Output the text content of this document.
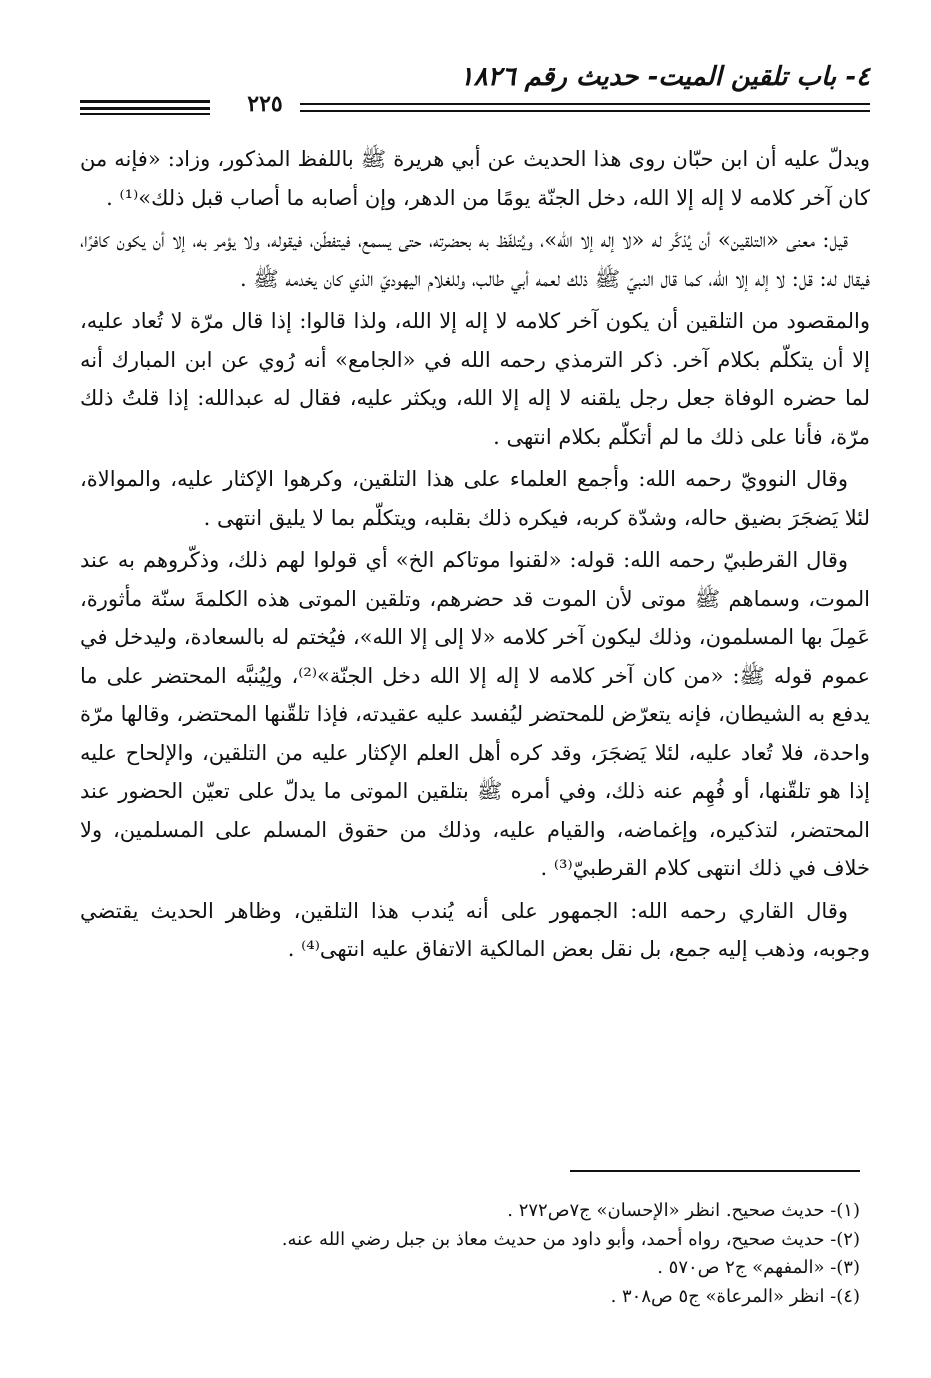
٤- باب تلقين الميت- حديث رقم ١٨٢٦
٢٢٥

ويدلّ عليه أن ابن حبّان روى هذا الحديث عن أبي هريرة ﷺ باللفظ المذكور، وزاد: «فإنه من كان آخر كلامه لا إله إلا الله، دخل الجنّة يومًا من الدهر، وإن أصابه ما أصاب قبل ذلك»⁽¹⁾ .

قيل: معنى «التلقين» أن يُذكَّر له «لا إله إلا الله»، ويُتلفّظ به بحضرته، حتى يسمع، فيتفطّن، فيقوله، ولا يؤمر به، إلا أن يكون كافرًا، فيقال له: قل: لا إله إلا الله، كما قال النبيّ ﷺ ذلك لعمه أبي طالب، وللغلام اليهوديّ الذي كان يخدمه ﷺ .

والمقصود من التلقين أن يكون آخر كلامه لا إله إلا الله، ولذا قالوا: إذا قال مرّة لا تُعاد عليه، إلا أن يتكلّم بكلام آخر. ذكر الترمذي رحمه الله في «الجامع» أنه رُوي عن ابن المبارك أنه لما حضره الوفاة جعل رجل يلقنه لا إله إلا الله، ويكثر عليه، فقال له عبدالله: إذا قلتُ ذلك مرّة، فأنا على ذلك ما لم أتكلّم بكلام انتهى .

وقال النوويّ رحمه الله: وأجمع العلماء على هذا التلقين، وكرهوا الإكثار عليه، والموالاة، لئلا يَضجَرَ بضيق حاله، وشدّة كربه، فيكره ذلك بقلبه، ويتكلّم بما لا يليق انتهى .

وقال القرطبيّ رحمه الله: قوله: «لقنوا موتاكم الخ» أي قولوا لهم ذلك، وذكّروهم به عند الموت، وسماهم ﷺ موتى لأن الموت قد حضرهم، وتلقين الموتى هذه الكلمةَ سنّة مأثورة، عَمِلَ بها المسلمون، وذلك ليكون آخر كلامه «لا إلى إلا الله»، فيُختم له بالسعادة، وليدخل في عموم قوله ﷺ: «من كان آخر كلامه لا إله إلا الله دخل الجنّة»⁽²⁾، ولِيُنبَّه المحتضر على ما يدفع به الشيطان، فإنه يتعرّض للمحتضر ليُفسد عليه عقيدته، فإذا تلقّنها المحتضر، وقالها مرّة واحدة، فلا تُعاد عليه، لئلا يَضجَرَ، وقد كره أهل العلم الإكثار عليه من التلقين، والإلحاح عليه إذا هو تلقّنها، أو فُهِم عنه ذلك، وفي أمره ﷺ بتلقين الموتى ما يدلّ على تعيّن الحضور عند المحتضر، لتذكيره، وإغماضه، والقيام عليه، وذلك من حقوق المسلم على المسلمين، ولا خلاف في ذلك انتهى كلام القرطبيّ⁽³⁾ .

وقال القاري رحمه الله: الجمهور على أنه يُندب هذا التلقين، وظاهر الحديث يقتضي وجوبه، وذهب إليه جمع، بل نقل بعض المالكية الاتفاق عليه انتهى⁽⁴⁾ .

(١)- حديث صحيح. انظر «الإحسان» ج٧ص٢٧٢ .
(٢)- حديث صحيح، رواه أحمد، وأبو داود من حديث معاذ بن جبل رضي الله عنه.
(٣)- «المفهم» ج٢ ص٥٧٠ .
(٤)- انظر «المرعاة» ج٥ ص٣٠٨ .
